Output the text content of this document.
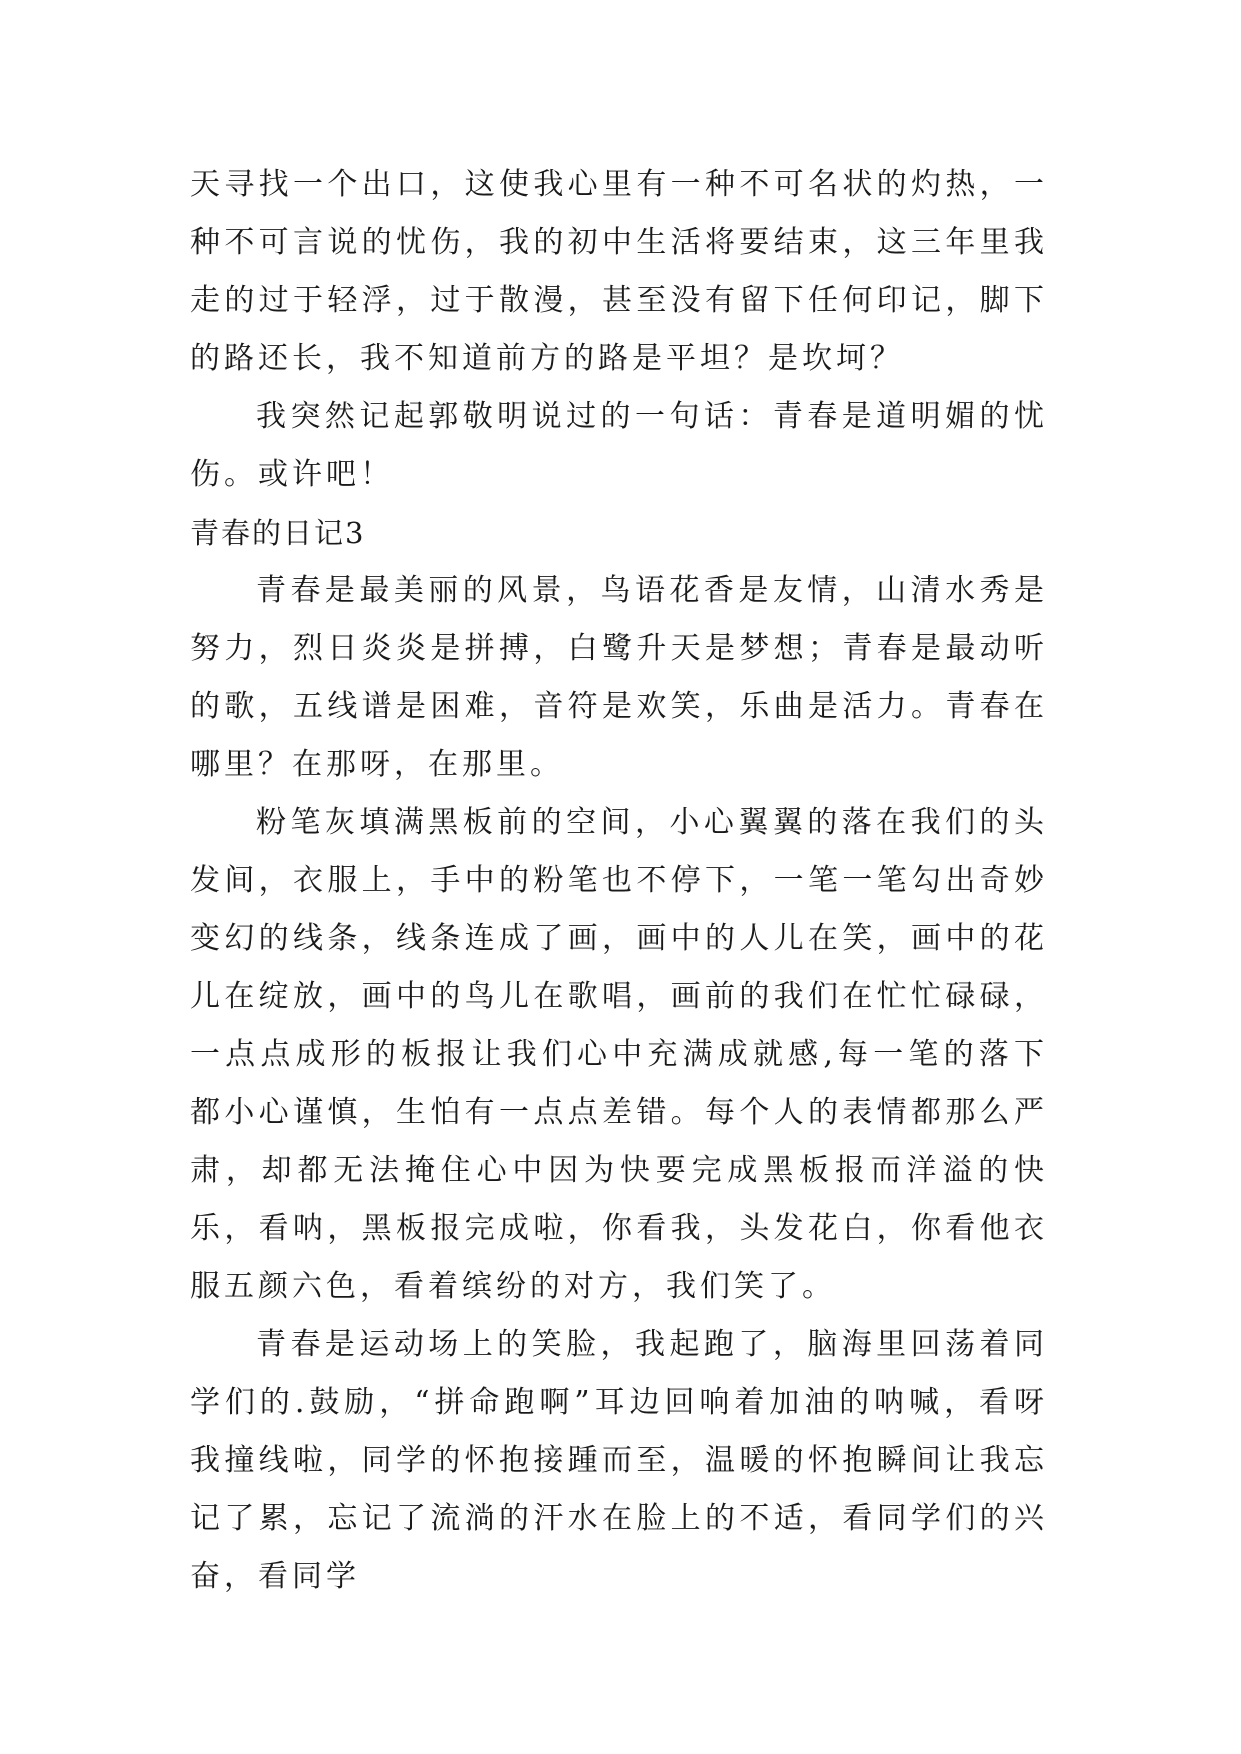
天寻找一个出口，这使我心里有一种不可名状的灼热，一种不可言说的忧伤，我的初中生活将要结束，这三年里我走的过于轻浮，过于散漫，甚至没有留下任何印记，脚下的路还长，我不知道前方的路是平坦？是坎坷？

我突然记起郭敬明说过的一句话：青春是道明媚的忧伤。或许吧！

青春的日记3

青春是最美丽的风景，鸟语花香是友情，山清水秀是努力，烈日炎炎是拼搏，白鹭升天是梦想；青春是最动听的歌，五线谱是困难，音符是欢笑，乐曲是活力。青春在哪里？在那呀，在那里。

粉笔灰填满黑板前的空间，小心翼翼的落在我们的头发间，衣服上，手中的粉笔也不停下，一笔一笔勾出奇妙变幻的线条，线条连成了画，画中的人儿在笑，画中的花儿在绽放，画中的鸟儿在歌唱，画前的我们在忙忙碌碌，一点点成形的板报让我们心中充满成就感,每一笔的落下都小心谨慎，生怕有一点点差错。每个人的表情都那么严肃，却都无法掩住心中因为快要完成黑板报而洋溢的快乐，看呐，黑板报完成啦，你看我，头发花白，你看他衣服五颜六色，看着缤纷的对方，我们笑了。

青春是运动场上的笑脸，我起跑了，脑海里回荡着同学们的.鼓励，“拼命跑啊”耳边回响着加油的呐喊，看呀我撞线啦，同学的怀抱接踵而至，温暖的怀抱瞬间让我忘记了累，忘记了流淌的汗水在脸上的不适，看同学们的兴奋，看同学
